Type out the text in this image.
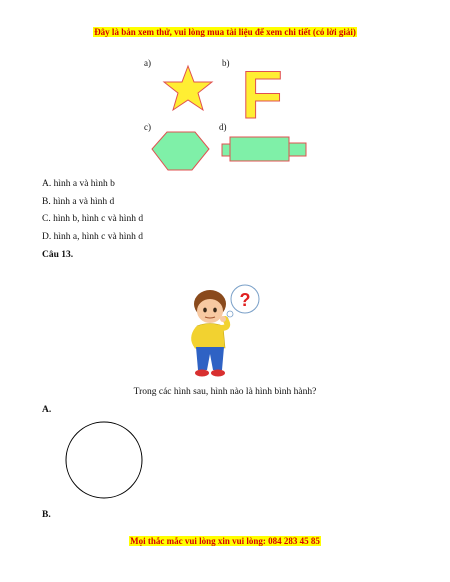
Đây là bản xem thử, vui lòng mua tài liệu để xem chi tiết (có lời giải)
a)	b) F
c)	d)
A. hình a và hình b
B. hình a và hình d
C. hình b, hình c và hình d
D. hình a, hình c và hình d
Câu 13.
?
Trong các hình sau, hình nào là hình bình hành?
A.
B.
Mọi thắc mắc vui lòng xin vui lòng: 084 283 45 85
